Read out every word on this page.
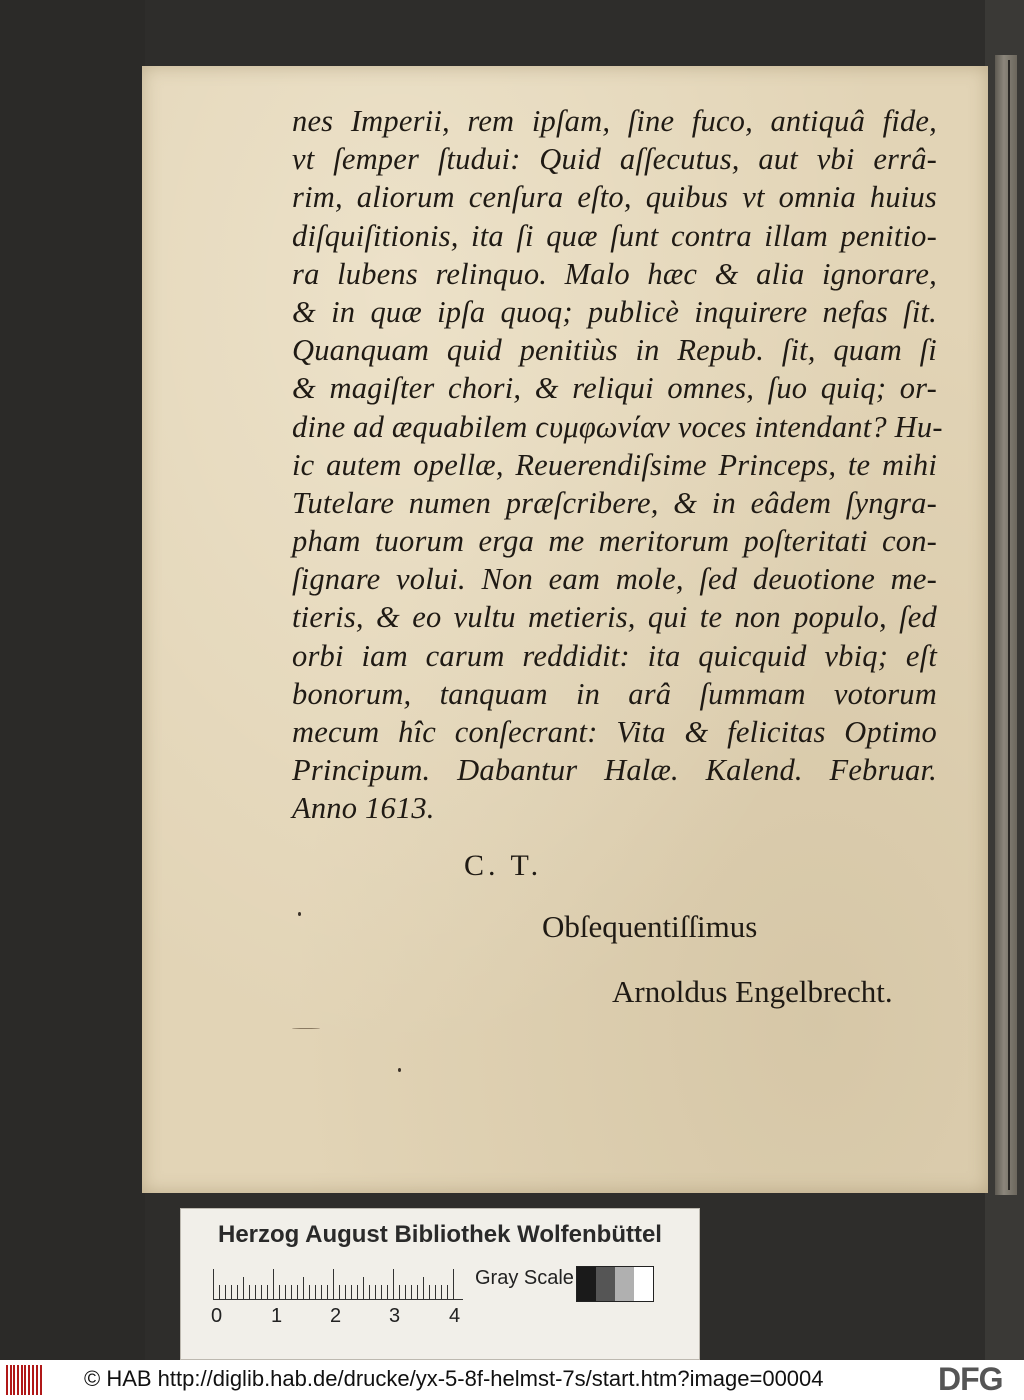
nes Imperii, rem ipſam, ſine fuco, antiquâ fide,
vt ſemper ſtudui: Quid aſſecutus, aut vbi errâ-
rim, aliorum cenſura eſto, quibus vt omnia huius
diſquiſitionis, ita ſi quæ ſunt contra illam penitio-
ra lubens relinquo. Malo hæc & alia ignorare,
& in quæ ipſa quoq; publicè inquirere nefas ſit.
Quanquam quid penitiùs in Repub. ſit, quam ſi
& magiſter chori, & reliqui omnes, ſuo quiq; or-
dine ad æquabilem ϲυμφωνίαν voces intendant? Hu-
ic autem opellæ, Reuerendiſsime Princeps, te mihi
Tutelare numen præſcribere, & in eâdem ſyngra-
pham tuorum erga me meritorum poſteritati con-
ſignare volui. Non eam mole, ſed deuotione me-
tieris, & eo vultu metieris, qui te non populo, ſed
orbi iam carum reddidit: ita quicquid vbiq; eſt
bonorum, tanquam in arâ ſummam votorum
mecum hîc conſecrant: Vita & felicitas Optimo
Principum. Dabantur Halæ. Kalend. Februar.
Anno 1613.
C. T.
Obſequentiſſimus
Arnoldus Engelbrecht.
Herzog August Bibliothek Wolfenbüttel
0 1 2 3 4
Gray Scale
© HAB http://diglib.hab.de/drucke/yx-5-8f-helmst-7s/start.htm?image=00004	DFG
